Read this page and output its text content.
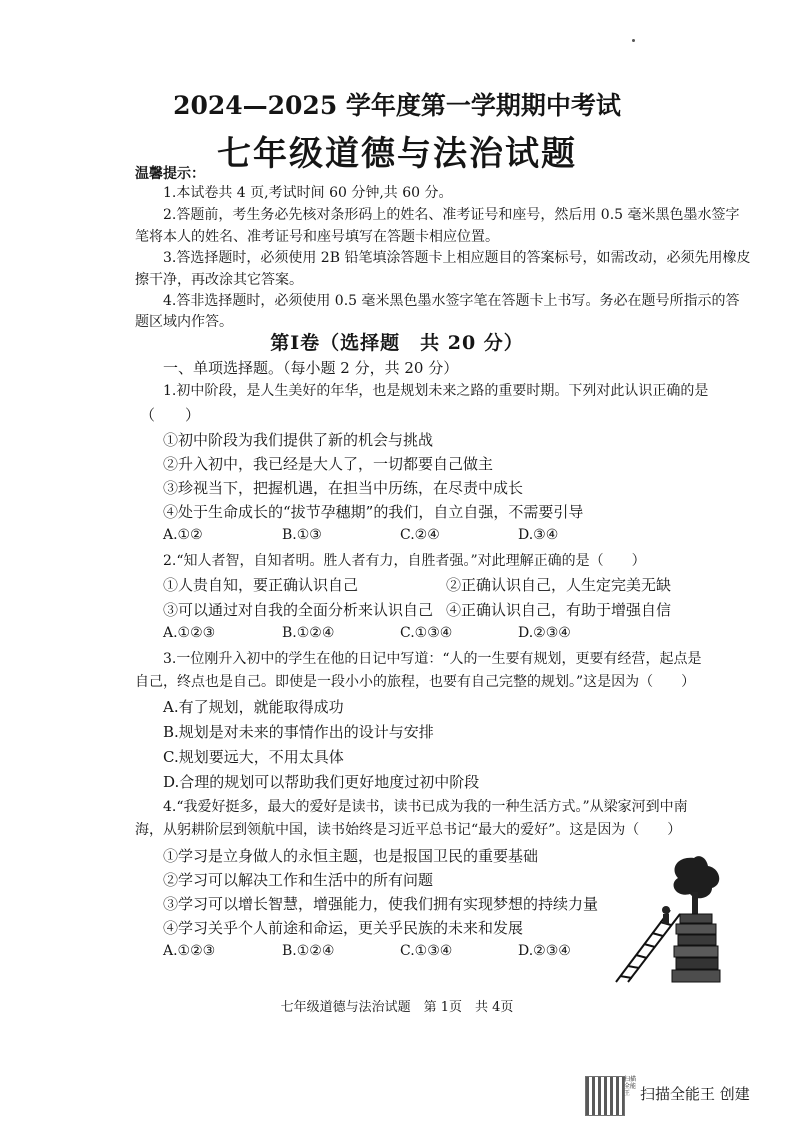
2024—2025 学年度第一学期期中考试
七年级道德与法治试题
温馨提示：
1.本试卷共 4 页,考试时间 60 分钟,共 60 分。
2.答题前，考生务必先核对条形码上的姓名、准考证号和座号，然后用 0.5 毫米黑色墨水签字
笔将本人的姓名、准考证号和座号填写在答题卡相应位置。
3.答选择题时，必须使用 2B 铅笔填涂答题卡上相应题目的答案标号，如需改动，必须先用橡皮
擦干净，再改涂其它答案。
4.答非选择题时，必须使用 0.5 毫米黑色墨水签字笔在答题卡上书写。务必在题号所指示的答
题区域内作答。
第Ⅰ卷（选择题　共 20 分）
一、单项选择题。（每小题 2 分，共 20 分）
1.初中阶段，是人生美好的年华，也是规划未来之路的重要时期。下列对此认识正确的是
（　　）
①初中阶段为我们提供了新的机会与挑战
②升入初中，我已经是大人了，一切都要自己做主
③珍视当下，把握机遇，在担当中历练，在尽责中成长
④处于生命成长的“拔节孕穗期”的我们，自立自强，不需要引导
A.①②	B.①③	C.②④	D.③④
2.“知人者智，自知者明。胜人者有力，自胜者强。”对此理解正确的是（　　）
①人贵自知，要正确认识自己	②正确认识自己，人生定完美无缺
③可以通过对自我的全面分析来认识自己 ④正确认识自己，有助于增强自信
A.①②③	B.①②④	C.①③④	D.②③④
3.一位刚升入初中的学生在他的日记中写道：“人的一生要有规划，更要有经营，起点是
自己，终点也是自己。即使是一段小小的旅程，也要有自己完整的规划。”这是因为（　　）
A.有了规划，就能取得成功
B.规划是对未来的事情作出的设计与安排
C.规划要远大，不用太具体
D.合理的规划可以帮助我们更好地度过初中阶段
4.“我爱好挺多，最大的爱好是读书，读书已成为我的一种生活方式。”从梁家河到中南
海，从躬耕阶层到领航中国，读书始终是习近平总书记“最大的爱好”。这是因为（　　）
①学习是立身做人的永恒主题，也是报国卫民的重要基础
②学习可以解决工作和生活中的所有问题
③学习可以增长智慧，增强能力，使我们拥有实现梦想的持续力量
④学习关乎个人前途和命运，更关乎民族的未来和发展
A.①②③	B.①②④	C.①③④	D.②③④
七年级道德与法治试题　第 1页　共 4页
扫描全能王 扫描全能王 创建
